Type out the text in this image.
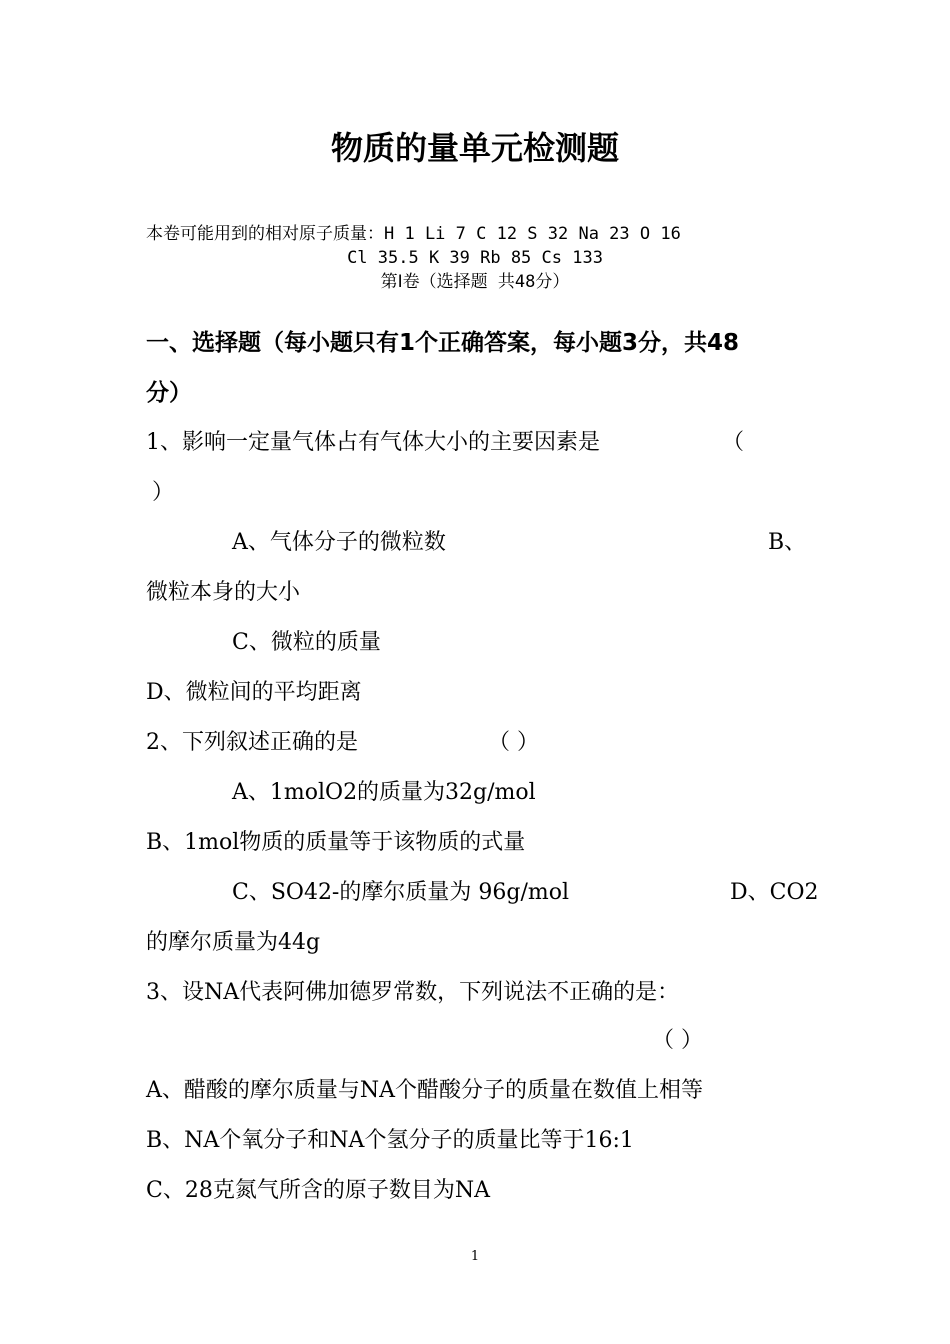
物质的量单元检测题
本卷可能用到的相对原子质量：H 1 Li 7 C 12 S 32 Na 23 O 16
Cl 35.5 K 39 Rb 85 Cs 133
第Ⅰ卷（选择题 共48分）
一、选择题（每小题只有1个正确答案，每小题3分，共48
分）
1、影响一定量气体占有气体大小的主要因素是	（
）
A、气体分子的微粒数	B、
微粒本身的大小
C、微粒的质量
D、微粒间的平均距离
2、下列叙述正确的是	（ ）
A、1molO2的质量为32g/mol
B、1mol物质的质量等于该物质的式量
C、SO42-的摩尔质量为 96g/mol	D、CO2
的摩尔质量为44g
3、设NA代表阿佛加德罗常数，下列说法不正确的是：
（ ）
A、醋酸的摩尔质量与NA个醋酸分子的质量在数值上相等
B、NA个氧分子和NA个氢分子的质量比等于16:1
C、28克氮气所含的原子数目为NA
1
